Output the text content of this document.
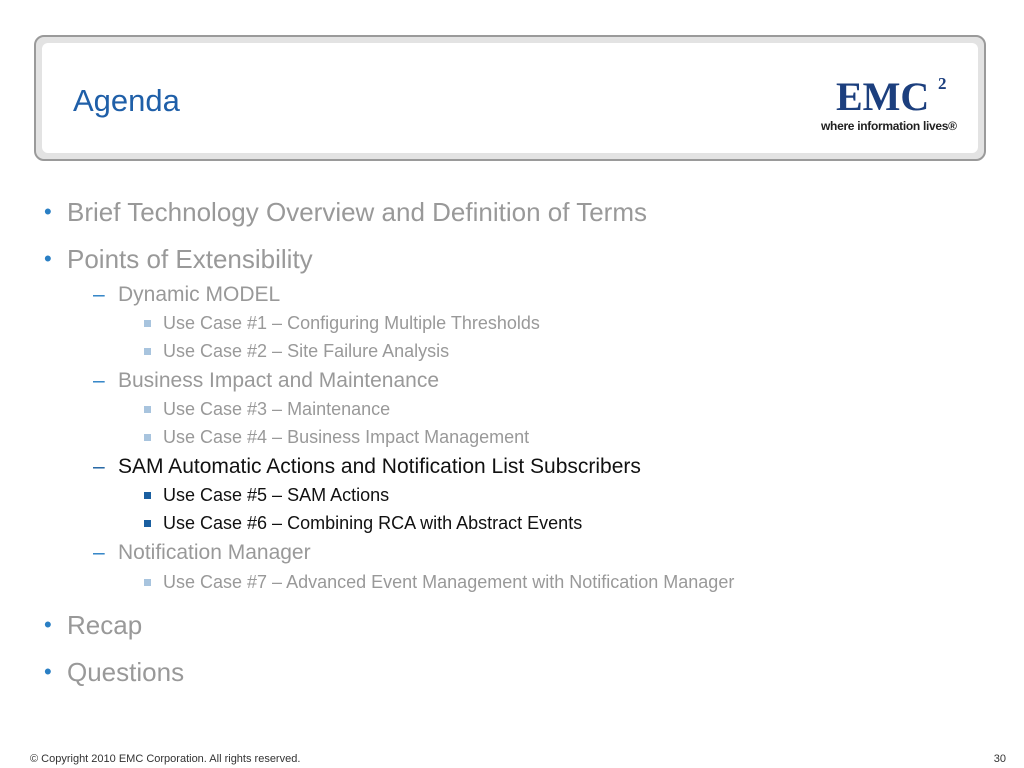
Agenda	EMC 2
where information lives®
• Brief Technology Overview and Definition of Terms
• Points of Extensibility
– Dynamic MODEL
Use Case #1 – Configuring Multiple Thresholds
Use Case #2 – Site Failure Analysis
– Business Impact and Maintenance
Use Case #3 – Maintenance
Use Case #4 – Business Impact Management
– SAM Automatic Actions and Notification List Subscribers
Use Case #5 – SAM Actions
Use Case #6 – Combining RCA with Abstract Events
– Notification Manager
Use Case #7 – Advanced Event Management with Notification Manager
• Recap
• Questions
© Copyright 2010 EMC Corporation. All rights reserved.	30
